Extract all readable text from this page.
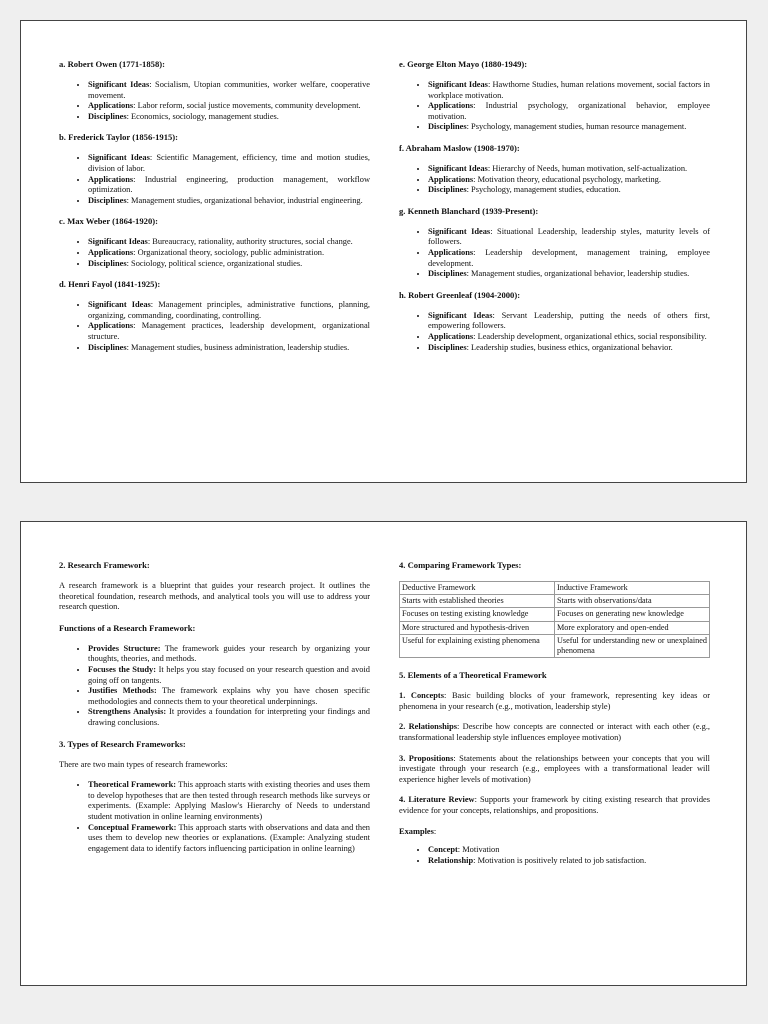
a. Robert Owen (1771-1858):
• Significant Ideas: Socialism, Utopian communities, worker welfare, cooperative movement.
• Applications: Labor reform, social justice movements, community development.
• Disciplines: Economics, sociology, management studies.
b. Frederick Taylor (1856-1915):
• Significant Ideas: Scientific Management, efficiency, time and motion studies, division of labor.
• Applications: Industrial engineering, production management, workflow optimization.
• Disciplines: Management studies, organizational behavior, industrial engineering.
c. Max Weber (1864-1920):
• Significant Ideas: Bureaucracy, rationality, authority structures, social change.
• Applications: Organizational theory, sociology, public administration.
• Disciplines: Sociology, political science, organizational studies.
d. Henri Fayol (1841-1925):
• Significant Ideas: Management principles, administrative functions, planning, organizing, commanding, coordinating, controlling.
• Applications: Management practices, leadership development, organizational structure.
• Disciplines: Management studies, business administration, leadership studies.
e. George Elton Mayo (1880-1949):
• Significant Ideas: Hawthorne Studies, human relations movement, social factors in workplace motivation.
• Applications: Industrial psychology, organizational behavior, employee motivation.
• Disciplines: Psychology, management studies, human resource management.
f. Abraham Maslow (1908-1970):
• Significant Ideas: Hierarchy of Needs, human motivation, self-actualization.
• Applications: Motivation theory, educational psychology, marketing.
• Disciplines: Psychology, management studies, education.
g. Kenneth Blanchard (1939-Present):
• Significant Ideas: Situational Leadership, leadership styles, maturity levels of followers.
• Applications: Leadership development, management training, employee development.
• Disciplines: Management studies, organizational behavior, leadership studies.
h. Robert Greenleaf (1904-2000):
• Significant Ideas: Servant Leadership, putting the needs of others first, empowering followers.
• Applications: Leadership development, organizational ethics, social responsibility.
• Disciplines: Leadership studies, business ethics, organizational behavior.
2. Research Framework:

A research framework is a blueprint that guides your research project. It outlines the theoretical foundation, research methods, and analytical tools you will use to address your research question.

Functions of a Research Framework:
• Provides Structure: The framework guides your research by organizing your thoughts, theories, and methods.
• Focuses the Study: It helps you stay focused on your research question and avoid going off on tangents.
• Justifies Methods: The framework explains why you have chosen specific methodologies and connects them to your theoretical underpinnings.
• Strengthens Analysis: It provides a foundation for interpreting your findings and drawing conclusions.
3. Types of Research Frameworks:

There are two main types of research frameworks:

• Theoretical Framework: This approach starts with existing theories and uses them to develop hypotheses that are then tested through research methods like surveys or experiments. (Example: Applying Maslow's Hierarchy of Needs to understand student motivation in online learning environments)
• Conceptual Framework: This approach starts with observations and data and then uses them to develop new theories or explanations. (Example: Analyzing student engagement data to identify factors influencing participation in online learning)
4. Comparing Framework Types:
Deductive Framework	Inductive Framework
Starts with established theories	Starts with observations/data
Focuses on testing existing knowledge	Focuses on generating new knowledge
More structured and hypothesis-driven	More exploratory and open-ended
Useful for explaining existing phenomena	Useful for understanding new or unexplained phenomena
5. Elements of a Theoretical Framework

1. Concepts: Basic building blocks of your framework, representing key ideas or phenomena in your research (e.g., motivation, leadership style)

2. Relationships: Describe how concepts are connected or interact with each other (e.g., transformational leadership style influences employee motivation)

3. Propositions: Statements about the relationships between your concepts that you will investigate through your research (e.g., employees with a transformational leader will experience higher levels of motivation)

4. Literature Review: Supports your framework by citing existing research that provides evidence for your concepts, relationships, and propositions.

Examples:

• Concept: Motivation
• Relationship: Motivation is positively related to job satisfaction.
